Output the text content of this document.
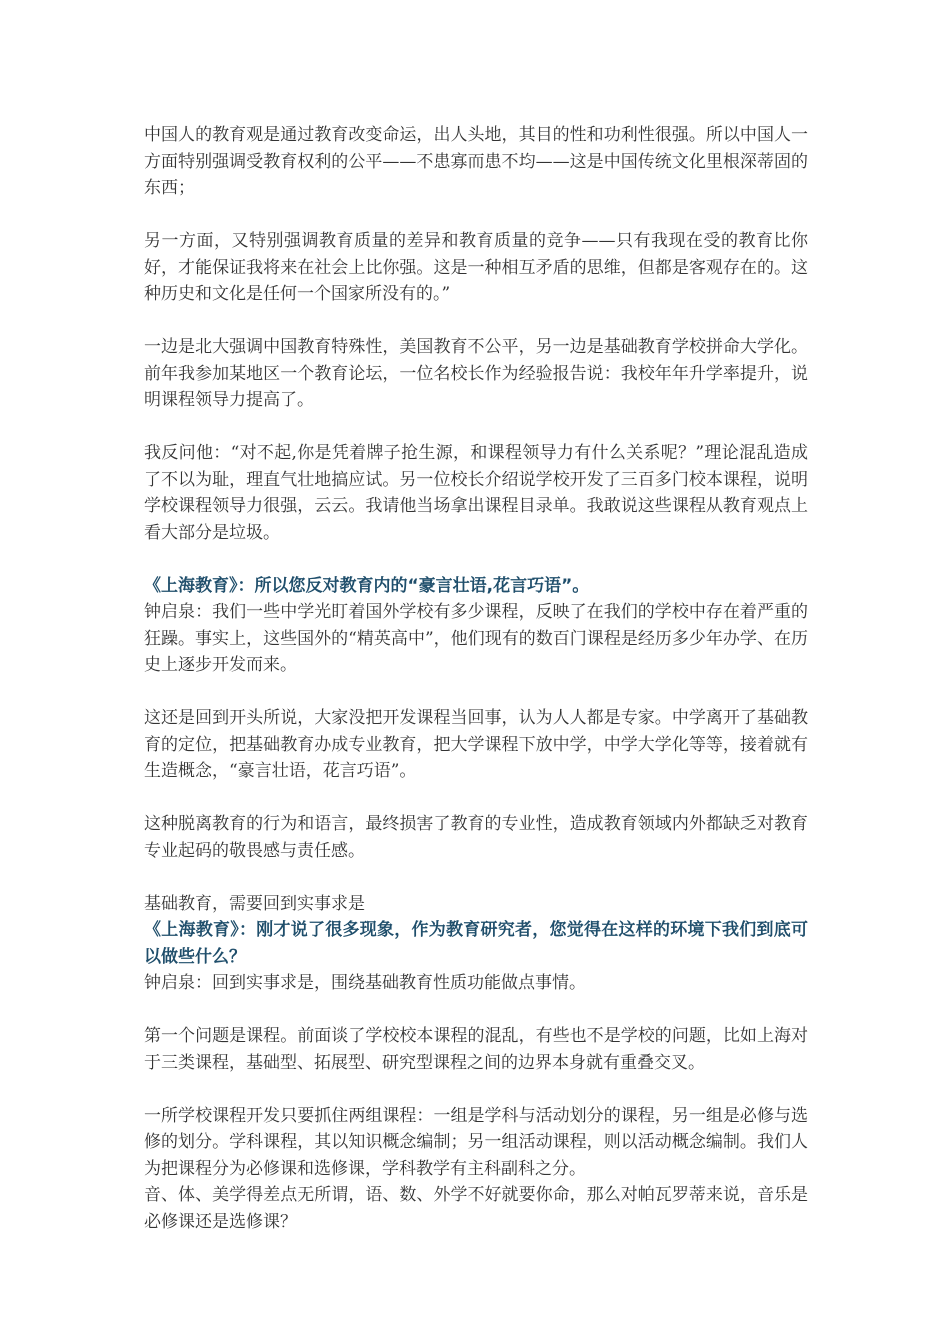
中国人的教育观是通过教育改变命运，出人头地，其目的性和功利性很强。所以中国人一方面特别强调受教育权利的公平——不患寡而患不均——这是中国传统文化里根深蒂固的东西；

另一方面，又特别强调教育质量的差异和教育质量的竞争——只有我现在受的教育比你好，才能保证我将来在社会上比你强。这是一种相互矛盾的思维，但都是客观存在的。这种历史和文化是任何一个国家所没有的。”

一边是北大强调中国教育特殊性，美国教育不公平，另一边是基础教育学校拼命大学化。前年我参加某地区一个教育论坛，一位名校长作为经验报告说：我校年年升学率提升，说明课程领导力提高了。

我反问他：“对不起,你是凭着牌子抢生源，和课程领导力有什么关系呢？”理论混乱造成了不以为耻，理直气壮地搞应试。另一位校长介绍说学校开发了三百多门校本课程，说明学校课程领导力很强，云云。我请他当场拿出课程目录单。我敢说这些课程从教育观点上看大部分是垃圾。

《上海教育》：所以您反对教育内的“豪言壮语,花言巧语”。

钟启泉：我们一些中学光盯着国外学校有多少课程，反映了在我们的学校中存在着严重的狂躁。事实上，这些国外的“精英高中”，他们现有的数百门课程是经历多少年办学、在历史上逐步开发而来。

这还是回到开头所说，大家没把开发课程当回事，认为人人都是专家。中学离开了基础教育的定位，把基础教育办成专业教育，把大学课程下放中学，中学大学化等等，接着就有生造概念，“豪言壮语，花言巧语”。

这种脱离教育的行为和语言，最终损害了教育的专业性，造成教育领域内外都缺乏对教育专业起码的敬畏感与责任感。

基础教育，需要回到实事求是

《上海教育》：刚才说了很多现象，作为教育研究者，您觉得在这样的环境下我们到底可以做些什么？

钟启泉：回到实事求是，围绕基础教育性质功能做点事情。

第一个问题是课程。前面谈了学校校本课程的混乱，有些也不是学校的问题，比如上海对于三类课程，基础型、拓展型、研究型课程之间的边界本身就有重叠交叉。

一所学校课程开发只要抓住两组课程：一组是学科与活动划分的课程，另一组是必修与选修的划分。学科课程，其以知识概念编制；另一组活动课程，则以活动概念编制。我们人为把课程分为必修课和选修课，学科教学有主科副科之分。

音、体、美学得差点无所谓，语、数、外学不好就要你命，那么对帕瓦罗蒂来说，音乐是必修课还是选修课？
